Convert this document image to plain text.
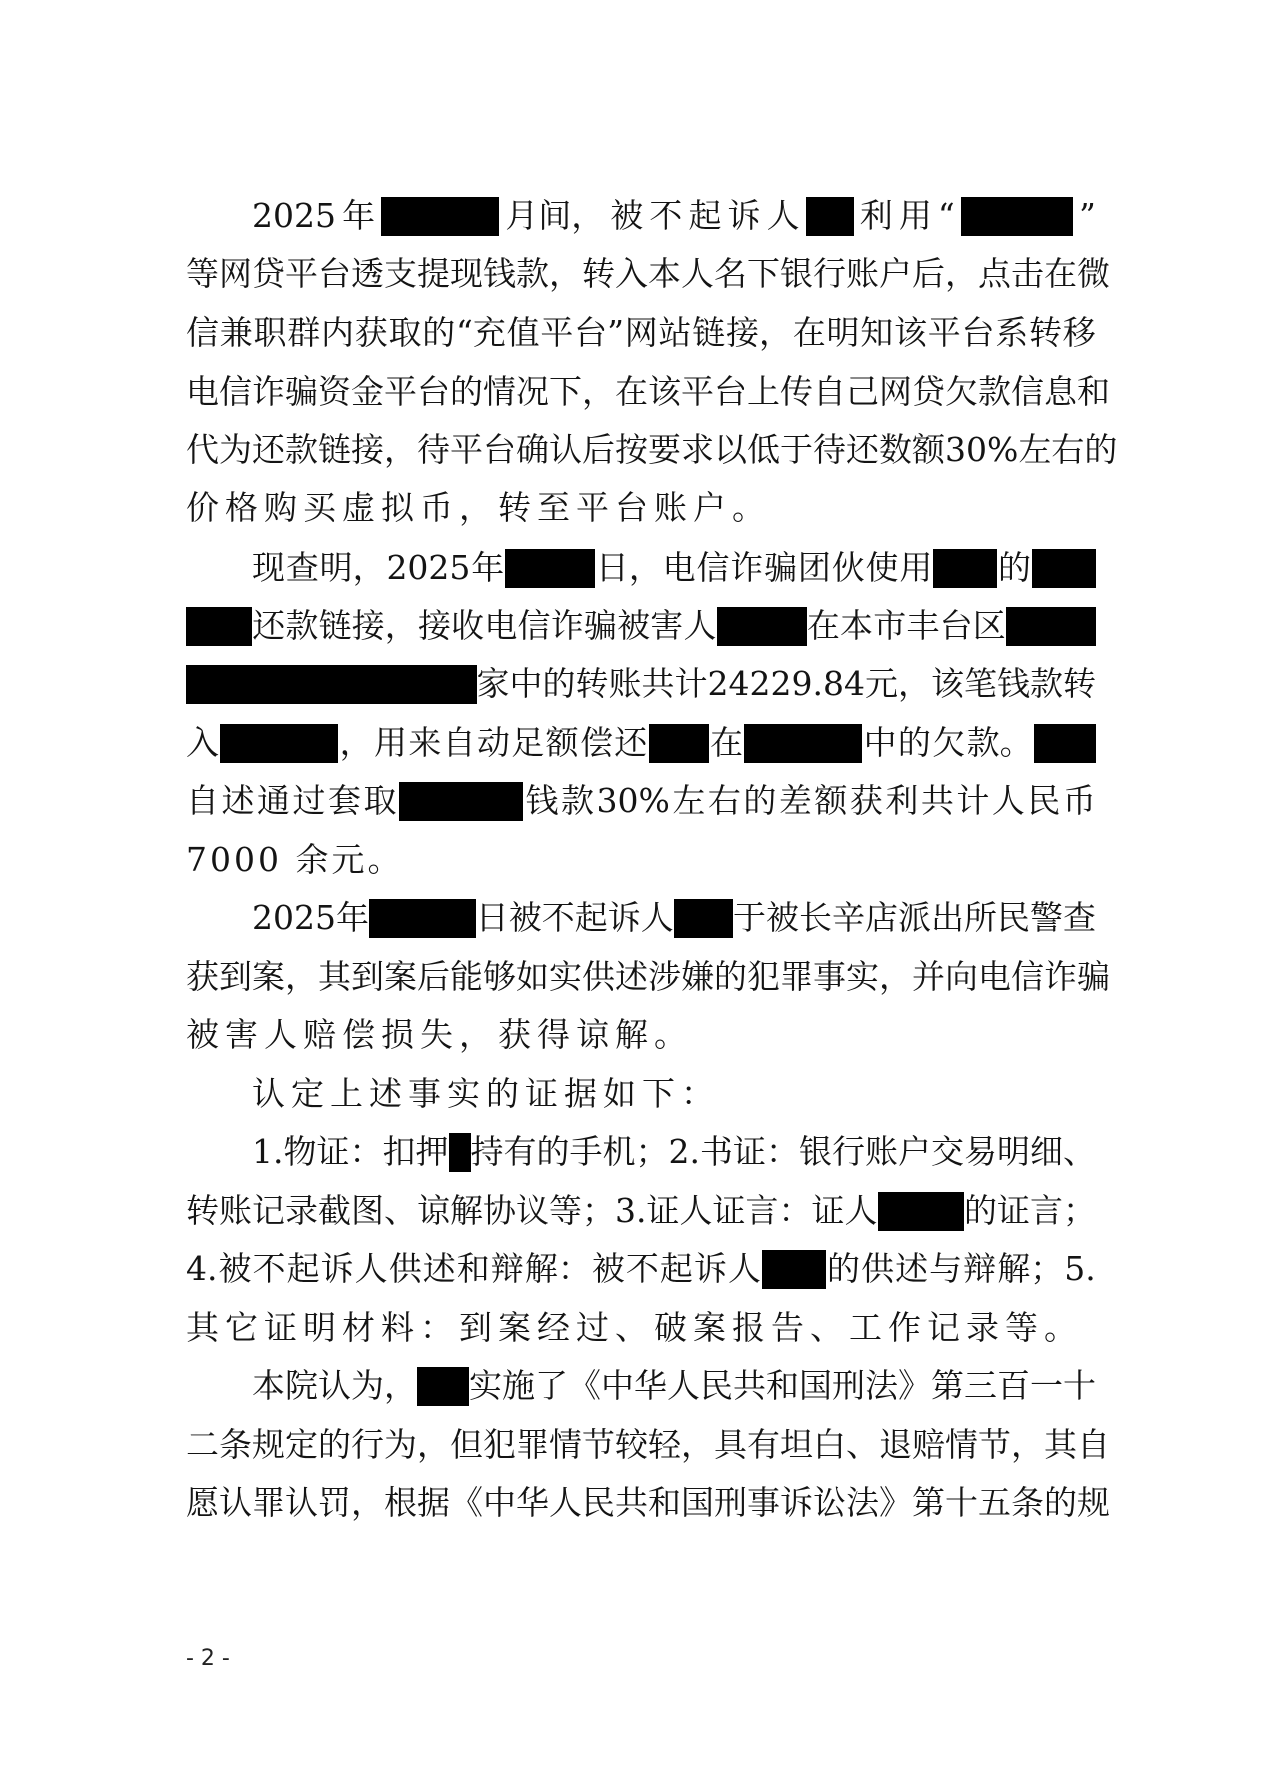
2025 年	月间， 被 不 起 诉 人 利 用 “	”
等 网 贷 平 台 透 支 提 现 钱 款， 转 入 本 人 名 下 银 行 账 户 后， 点 击 在 微
信 兼 职 群 内 获 取 的 “充 值 平 台” 网 站 链 接， 在 明 知 该 平 台 系 转 移
电 信 诈 骗 资 金 平 台 的 情 况 下， 在 该 平 台 上 传 自 己 网 贷 欠 款 信 息 和
代 为 还 款 链 接， 待 平 台 确 认 后 按 要 求 以 低 于 待 还 数 额 30% 左 右 的
价格购买虚拟币，转至平台账户。
现 查 明， 2025 年	日， 电 信 诈 骗 团 伙 使 用 的
还 款 链 接， 接 收 电 信 诈 骗 被 害 人	在 本 市 丰 台 区
家 中 的 转 账 共 计 24229.84 元， 该 笔 钱 款 转
入	， 用 来 自 动 足 额 偿 还 在	中 的 欠 款。
自 述 通 过 套 取	钱 款 30% 左 右 的 差 额 获 利 共 计 人 民 币
7000 余元。
2025 年	日 被 不 起 诉 人 于 被 长 辛 店 派 出 所 民 警 查
获 到 案， 其 到 案 后 能 够 如 实 供 述 涉 嫌 的 犯 罪 事 实， 并 向 电 信 诈 骗
被害人赔偿损失，获得谅解。
认定上述事实的证据如下：
1. 物 证： 扣 押 持 有 的 手 机； 2. 书 证： 银 行 账 户 交 易 明 细、
转 账 记 录 截 图、 谅 解 协 议 等； 3. 证 人 证 言： 证 人	的 证 言；
4. 被 不 起 诉 人 供 述 和 辩 解： 被 不 起 诉 人 的 供 述 与 辩 解； 5.
其它证明材料：到案经过、破案报告、工作记录等。
本 院 认 为， 实 施 了 《中 华 人 民 共 和 国 刑 法》 第 三 百 一 十
二 条 规 定 的 行 为， 但 犯 罪 情 节 较 轻， 具 有 坦 白、 退 赔 情 节， 其 自
愿 认 罪 认 罚， 根 据 《中 华 人 民 共 和 国 刑 事 诉 讼 法》 第 十 五 条 的 规
- 2 -
